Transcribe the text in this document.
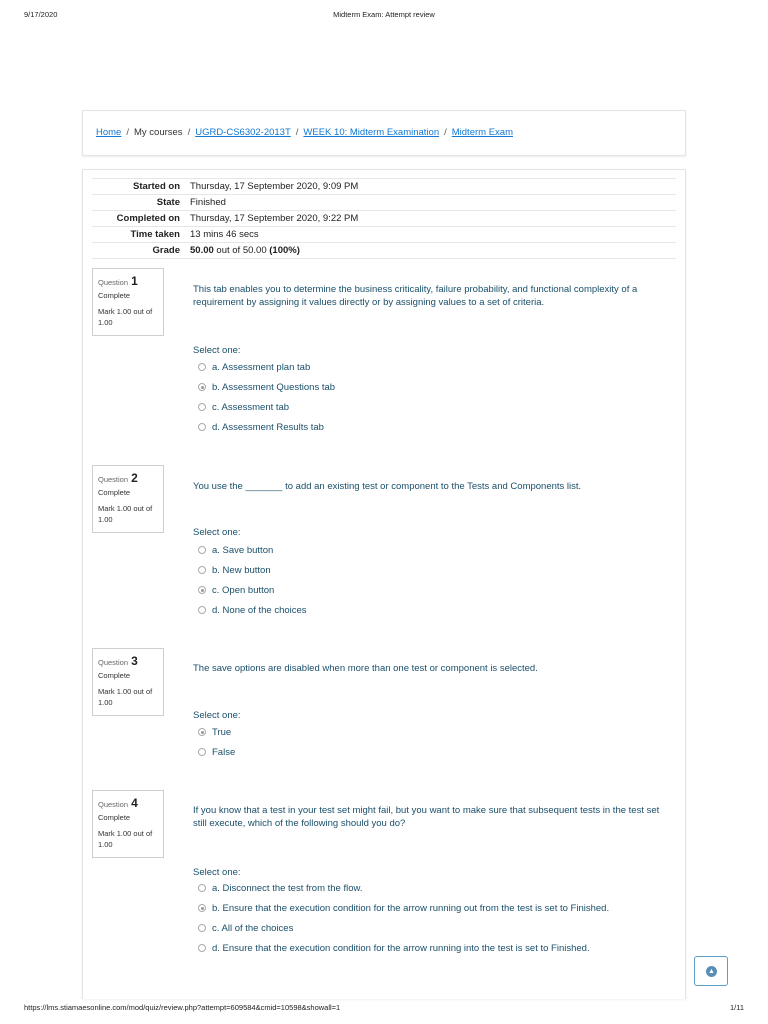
9/17/2020	Midterm Exam: Attempt review
Home / My courses / UGRD-CS6302-2013T / WEEK 10: Midterm Examination / Midterm Exam
Started on	Thursday, 17 September 2020, 9:09 PM
State	Finished
Completed on	Thursday, 17 September 2020, 9:22 PM
Time taken	13 mins 46 secs
Grade	50.00 out of 50.00 (100%)
Question 1
Complete
Mark 1.00 out of 1.00
This tab enables you to determine the business criticality, failure probability, and functional complexity of a requirement by assigning it values directly or by assigning values to a set of criteria.
Select one:
a. Assessment plan tab
b. Assessment Questions tab
c. Assessment tab
d. Assessment Results tab
Question 2
Complete
Mark 1.00 out of 1.00
You use the _______ to add an existing test or component to the Tests and Components list.
Select one:
a. Save button
b. New button
c. Open button
d. None of the choices
Question 3
Complete
Mark 1.00 out of 1.00
The save options are disabled when more than one test or component is selected.
Select one:
True
False
Question 4
Complete
Mark 1.00 out of 1.00
If you know that a test in your test set might fail, but you want to make sure that subsequent tests in the test set still execute, which of the following should you do?
Select one:
a. Disconnect the test from the flow.
b. Ensure that the execution condition for the arrow running out from the test is set to Finished.
c. All of the choices
d. Ensure that the execution condition for the arrow running into the test is set to Finished.
▲
https://lms.stiamaesonline.com/mod/quiz/review.php?attempt=609584&cmid=10598&showall=1	1/11
